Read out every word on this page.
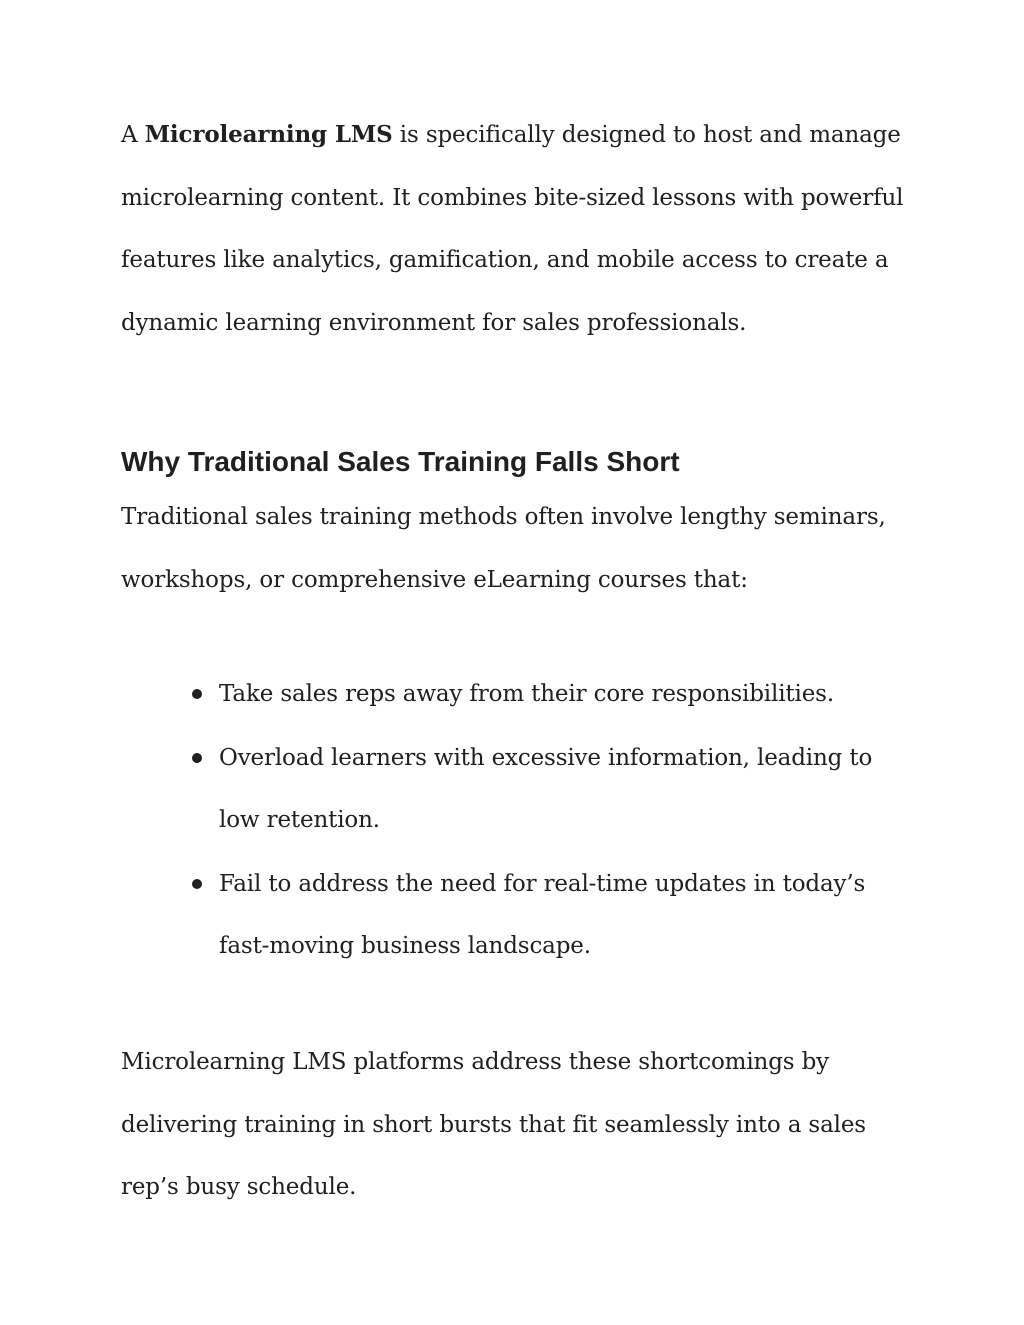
A Microlearning LMS is specifically designed to host and manage microlearning content. It combines bite-sized lessons with powerful features like analytics, gamification, and mobile access to create a dynamic learning environment for sales professionals.

Why Traditional Sales Training Falls Short

Traditional sales training methods often involve lengthy seminars, workshops, or comprehensive eLearning courses that:

Take sales reps away from their core responsibilities.
Overload learners with excessive information, leading to low retention.
Fail to address the need for real-time updates in today’s fast-moving business landscape.

Microlearning LMS platforms address these shortcomings by delivering training in short bursts that fit seamlessly into a sales rep’s busy schedule.
